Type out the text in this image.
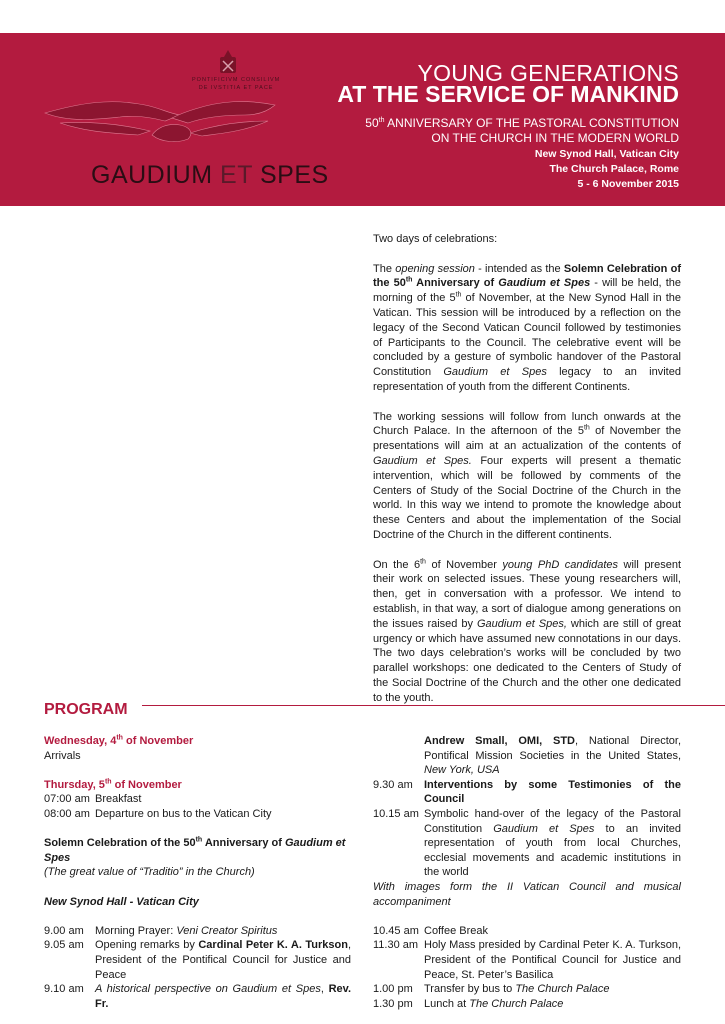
PONTIFICIVM CONSILIVM
DE IVSTITIA ET PACE
GAUDIUM ET SPES
YOUNG GENERATIONS
AT THE SERVICE OF MANKIND
50th ANNIVERSARY OF THE PASTORAL CONSTITUTION
ON THE CHURCH IN THE MODERN WORLD
New Synod Hall, Vatican City
The Church Palace, Rome
5 - 6 November 2015

Two days of celebrations:

The opening session - intended as the Solemn Celebration of the 50th Anniversary of Gaudium et Spes - will be held, the morning of the 5th of November, at the New Synod Hall in the Vatican. This session will be introduced by a reflection on the legacy of the Second Vatican Council followed by testimonies of Participants to the Council. The celebrative event will be concluded by a gesture of symbolic handover of the Pastoral Constitution Gaudium et Spes legacy to an invited representation of youth from the different Continents.

The working sessions will follow from lunch onwards at the Church Palace. In the afternoon of the 5th of November the presentations will aim at an actualization of the contents of Gaudium et Spes. Four experts will present a thematic intervention, which will be followed by comments of the Centers of Study of the Social Doctrine of the Church in the world. In this way we intend to promote the knowledge about these Centers and about the implementation of the Social Doctrine of the Church in the different continents.

On the 6th of November young PhD candidates will present their work on selected issues. These young researchers will, then, get in conversation with a professor. We intend to establish, in that way, a sort of dialogue among generations on the issues raised by Gaudium et Spes, which are still of great urgency or which have assumed new connotations in our days. The two days celebration’s works will be concluded by two parallel workshops: one dedicated to the Centers of Study of the Social Doctrine of the Church and the other one dedicated to the youth.

PROGRAM
Wednesday, 4th of November
Arrivals
Thursday, 5th of November
07:00 am Breakfast
08:00 am Departure on bus to the Vatican City
Solemn Celebration of the 50th Anniversary of Gaudium et Spes
(The great value of “Traditio” in the Church)
New Synod Hall - Vatican City
9.00 am	Morning Prayer: Veni Creator Spiritus
9.05 am	Opening remarks by Cardinal Peter K. A. Turkson, President of the Pontifical Council for Justice and Peace
9.10 am	A historical perspective on Gaudium et Spes, Rev. Fr.
Andrew Small, OMI, STD, National Director, Pontifical Mission Societies in the United States, New York, USA
9.30 am	Interventions by some Testimonies of the Council
10.15 am Symbolic hand-over of the legacy of the Pastoral Constitution Gaudium et Spes to an invited representation of youth from local Churches, ecclesial movements and academic institutions in the world
With images form the II Vatican Council and musical accompaniment
10.45 am Coffee Break
11.30 am Holy Mass presided by Cardinal Peter K. A. Turkson, President of the Pontifical Council for Justice and Peace, St. Peter’s Basilica
1.00 pm	Transfer by bus to The Church Palace
1.30 pm	Lunch at The Church Palace
